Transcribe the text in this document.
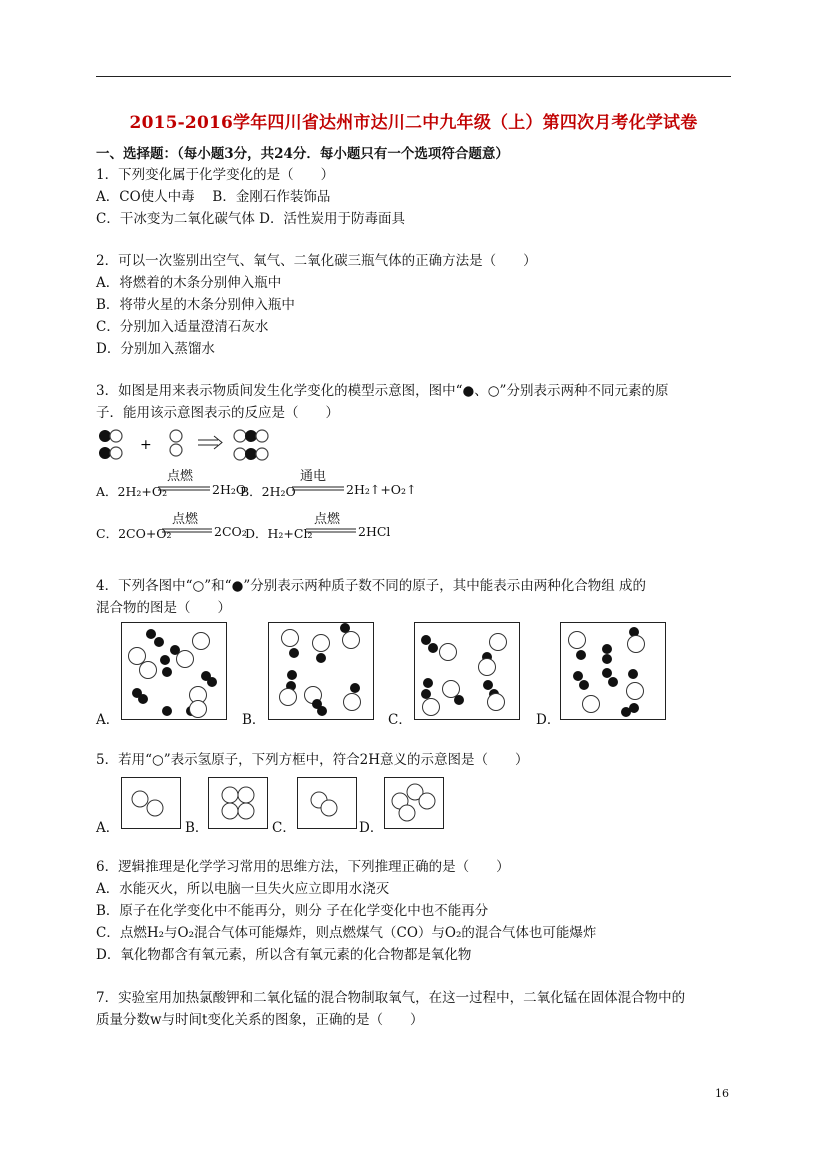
2015-2016学年四川省达州市达川二中九年级（上）第四次月考化学试卷
一、选择题：（每小题3分，共24分．每小题只有一个选项符合题意）
1．下列变化属于化学变化的是（　　）
A．CO使人中毒　 B．金刚石作装饰品
C．干冰变为二氧化碳气体 D．活性炭用于防毒面具
2．可以一次鉴别出空气、氧气、二氧化碳三瓶气体的正确方法是（　　）
A．将燃着的木条分别伸入瓶中
B．将带火星的木条分别伸入瓶中
C．分别加入适量澄清石灰水
D．分别加入蒸馏水
3．如图是用来表示物质间发生化学变化的模型示意图，图中“●、○”分别表示两种不同元素的原
子．能用该示意图表示的反应是（　　）
+
A．2H₂+O₂
点燃
2H₂O
B．2H₂O
通电
2H₂↑+O₂↑
C．2CO+O₂
点燃
2CO₂
D．H₂+Cl₂
点燃
2HCl
4．下列各图中“○”和“●”分别表示两种质子数不同的原子，其中能表示由两种化合物组 成的
混合物的图是（　　）
A．	B．	C．	D．
5．若用“○”表示氢原子，下列方框中，符合2H意义的示意图是（　　）
A．	B．	C．	D．
6．逻辑推理是化学学习常用的思维方法，下列推理正确的是（　　）
A．水能灭火，所以电脑一旦失火应立即用水浇灭
B．原子在化学变化中不能再分，则分 子在化学变化中也不能再分
C．点燃H₂与O₂混合气体可能爆炸，则点燃煤气（CO）与O₂的混合气体也可能爆炸
D．氧化物都含有氧元素，所以含有氧元素的化合物都是氧化物
7．实验室用加热氯酸钾和二氧化锰的混合物制取氧气，在这一过程中，二氧化锰在固体混合物中的
质量分数w与时间t变化关系的图象，正确的是（　　）
16
